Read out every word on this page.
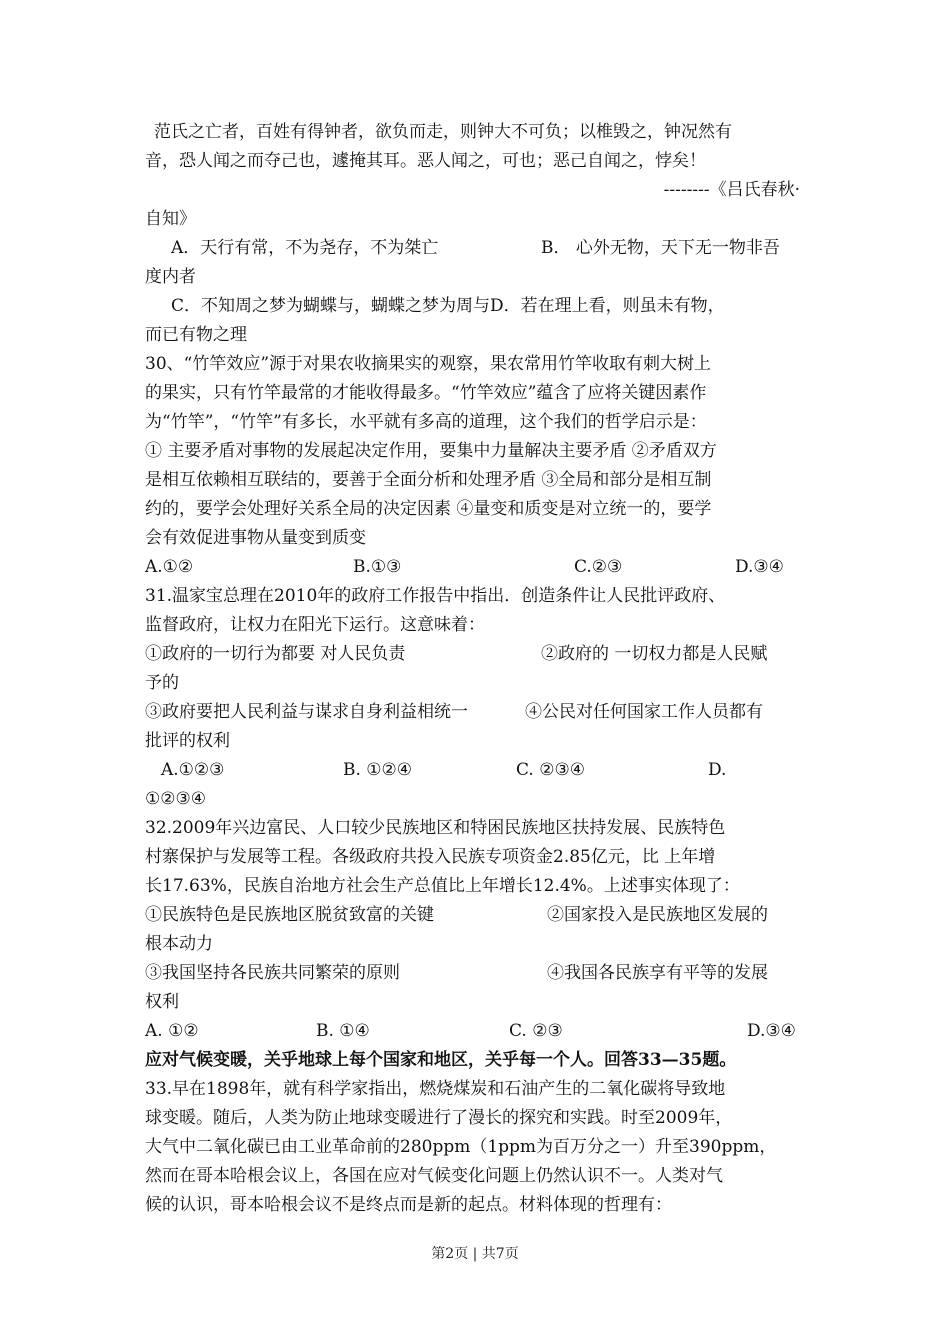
范氏之亡者，百姓有得钟者，欲负而走，则钟大不可负；以椎毁之，钟况然有
音，恐人闻之而夺己也，遽掩其耳。恶人闻之，可也；恶己自闻之，悖矣！
--------《吕氏春秋·
自知》
A．天行有常，不为尧存，不为桀亡	B． 心外无物，天下无一物非吾
度内者
C．不知周之梦为蝴蝶与，蝴蝶之梦为周与D．若在理上看，则虽未有物，
而已有物之理
30、“竹竿效应”源于对果农收摘果实的观察，果农常用竹竿收取有刺大树上
的果实，只有竹竿最常的才能收得最多。“竹竿效应”蕴含了应将关键因素作
为“竹竿”，“竹竿”有多长，水平就有多高的道理，这个我们的哲学启示是：
① 主要矛盾对事物的发展起决定作用，要集中力量解决主要矛盾 ②矛盾双方
是相互依赖相互联结的，要善于全面分析和处理矛盾 ③全局和部分是相互制
约的，要学会处理好关系全局的决定因素 ④量变和质变是对立统一的，要学
会有效促进事物从量变到质变
A.①②	B.①③	C.②③	D.③④
31.温家宝总理在2010年的政府工作报告中指出．创造条件让人民批评政府、
监督政府，让权力在阳光下运行。这意味着：
①政府的一切行为都要 对人民负责	②政府的 一切权力都是人民赋
予的
③政府要把人民利益与谋求自身利益相统一	④公民对任何国家工作人员都有
批评的权利
A.①②③	B. ①②④	C. ②③④	D.
①②③④
32.2009年兴边富民、人口较少民族地区和特困民族地区扶持发展、民族特色
村寨保护与发展等工程。各级政府共投入民族专项资金2.85亿元，比 上年增
长17.63%，民族自治地方社会生产总值比上年增长12.4%。上述事实体现了：
①民族特色是民族地区脱贫致富的关键	②国家投入是民族地区发展的
根本动力
③我国坚持各民族共同繁荣的原则	④我国各民族享有平等的发展
权利
A. ①②	B. ①④	C. ②③	D.③④
应对气候变暖，关乎地球上每个国家和地区，关乎每一个人。回答33—35题。
33.早在1898年，就有科学家指出，燃烧煤炭和石油产生的二氧化碳将导致地
球变暖。随后，人类为防止地球变暖进行了漫长的探究和实践。时至2009年，
大气中二氧化碳已由工业革命前的280ppm（1ppm为百万分之一）升至390ppm，
然而在哥本哈根会议上，各国在应对气候变化问题上仍然认识不一。人类对气
候的认识，哥本哈根会议不是终点而是新的起点。材料体现的哲理有：
第2页 | 共7页
